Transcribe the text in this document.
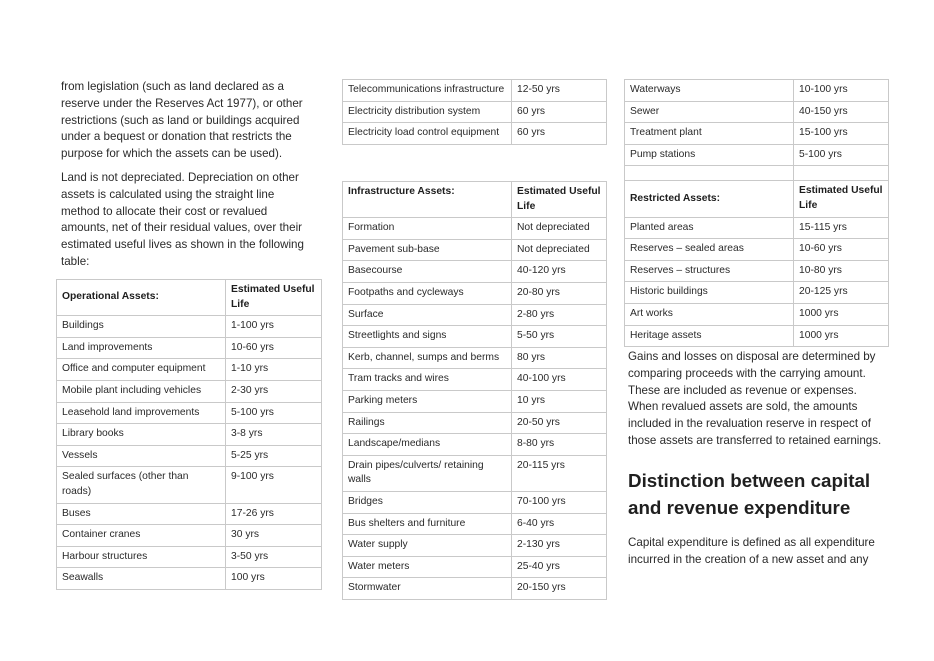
from legislation (such as land declared as a reserve under the Reserves Act 1977), or other restrictions (such as land or buildings acquired under a bequest or donation that restricts the purpose for which the assets can be used).

Land is not depreciated. Depreciation on other assets is calculated using the straight line method to allocate their cost or revalued amounts, net of their residual values, over their estimated useful lives as shown in the following table:

Operational Assets:	Estimated Useful Life
Buildings	1-100 yrs
Land improvements	10-60 yrs
Office and computer equipment	1-10 yrs
Mobile plant including vehicles	2-30 yrs
Leasehold land improvements	5-100 yrs
Library books	3-8 yrs
Vessels	5-25 yrs
Sealed surfaces (other than roads)	9-100 yrs
Buses	17-26 yrs
Container cranes	30 yrs
Harbour structures	3-50 yrs
Seawalls	100 yrs
Telecommunications infrastructure	12-50 yrs
Electricity distribution system	60 yrs
Electricity load control equipment	60 yrs
Infrastructure Assets:	Estimated Useful Life
Formation	Not depreciated
Pavement sub-base	Not depreciated
Basecourse	40-120 yrs
Footpaths and cycleways	20-80 yrs
Surface	2-80 yrs
Streetlights and signs	5-50 yrs
Kerb, channel, sumps and berms	80 yrs
Tram tracks and wires	40-100 yrs
Parking meters	10 yrs
Railings	20-50 yrs
Landscape/medians	8-80 yrs
Drain pipes/culverts/ retaining walls	20-115 yrs
Bridges	70-100 yrs
Bus shelters and furniture	6-40 yrs
Water supply	2-130 yrs
Water meters	25-40 yrs
Stormwater	20-150 yrs
Waterways	10-100 yrs
Sewer	40-150 yrs
Treatment plant	15-100 yrs
Pump stations	5-100 yrs

Restricted Assets:	Estimated Useful Life
Planted areas	15-115 yrs
Reserves – sealed areas	10-60 yrs
Reserves – structures	10-80 yrs
Historic buildings	20-125 yrs
Art works	1000 yrs
Heritage assets	1000 yrs

Gains and losses on disposal are determined by comparing proceeds with the carrying amount. These are included as revenue or expenses. When revalued assets are sold, the amounts included in the revaluation reserve in respect of those assets are transferred to retained earnings.

Distinction between capital and revenue expenditure

Capital expenditure is defined as all expenditure incurred in the creation of a new asset and any
